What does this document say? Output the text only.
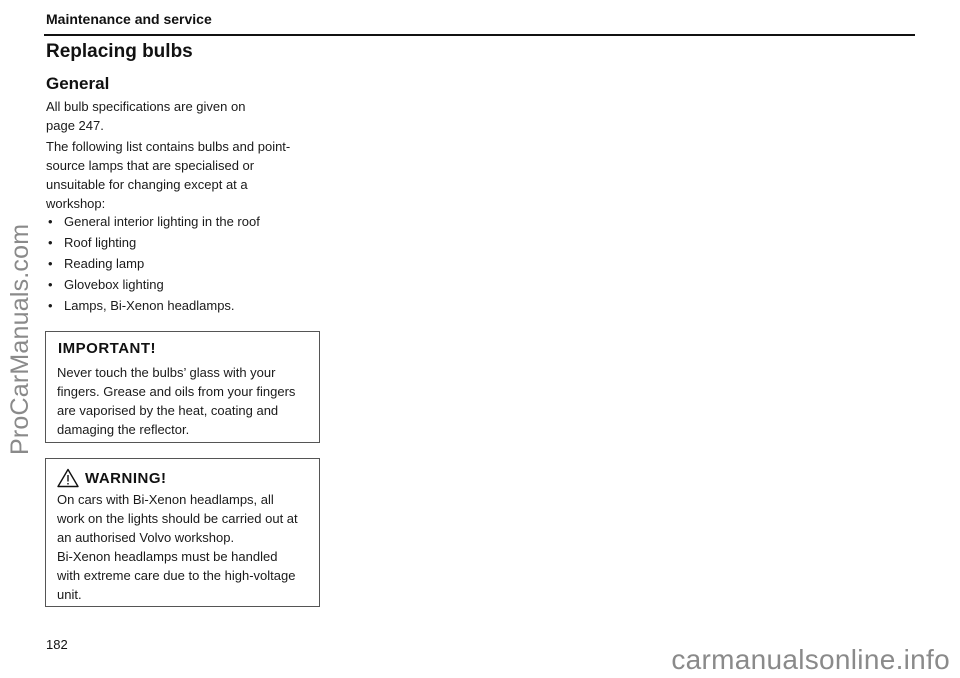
Maintenance and service
Replacing bulbs
General

All bulb specifications are given on
page 247.

The following list contains bulbs and point-
source lamps that are specialised or
unsuitable for changing except at a
workshop:

• General interior lighting in the roof
• Roof lighting
• Reading lamp
• Glovebox lighting
• Lamps, Bi-Xenon headlamps.
IMPORTANT!

Never touch the bulbs’ glass with your
fingers. Grease and oils from your fingers
are vaporised by the heat, coating and
damaging the reflector.

WARNING!

On cars with Bi-Xenon headlamps, all
work on the lights should be carried out at
an authorised Volvo workshop.
Bi-Xenon headlamps must be handled
with extreme care due to the high-voltage
unit.

182
ProCarManuals.com
carmanualsonline.info
